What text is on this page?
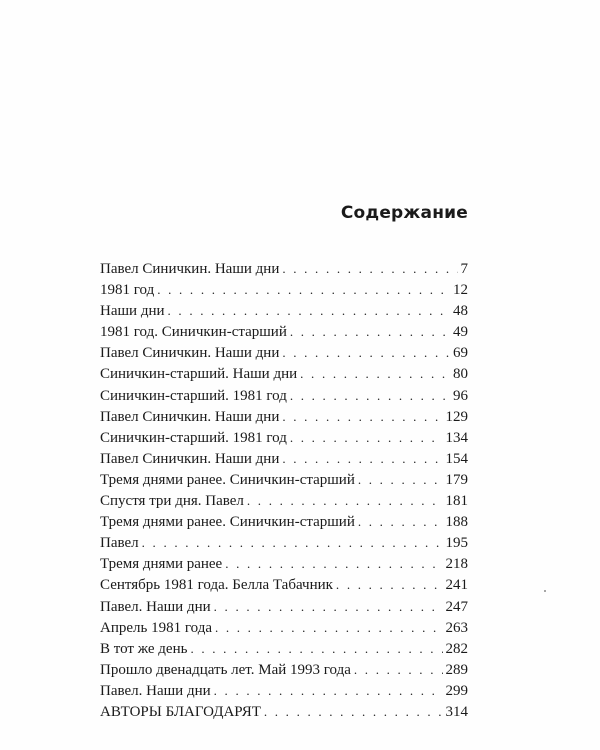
Содержание
Павел Синичкин. Наши дни . . .	7
1981 год . . .	12
Наши дни . . .	48
1981 год. Синичкин-старший . . .	49
Павел Синичкин. Наши дни . . .	69
Синичкин-старший. Наши дни . . .	80
Синичкин-старший. 1981 год . . .	96
Павел Синичкин. Наши дни . . .	129
Синичкин-старший. 1981 год . . .	134
Павел Синичкин. Наши дни . . .	154
Тремя днями ранее. Синичкин-старший . . .	179
Спустя три дня. Павел . . .	181
Тремя днями ранее. Синичкин-старший . . .	188
Павел . . .	195
Тремя днями ранее . . .	218
Сентябрь 1981 года. Белла Табачник . . .	241
Павел. Наши дни . . .	247
Апрель 1981 года . . .	263
В тот же день . . .	282
Прошло двенадцать лет. Май 1993 года . . .	289
Павел. Наши дни . . .	299
АВТОРЫ БЛАГОДАРЯТ . . .	314
